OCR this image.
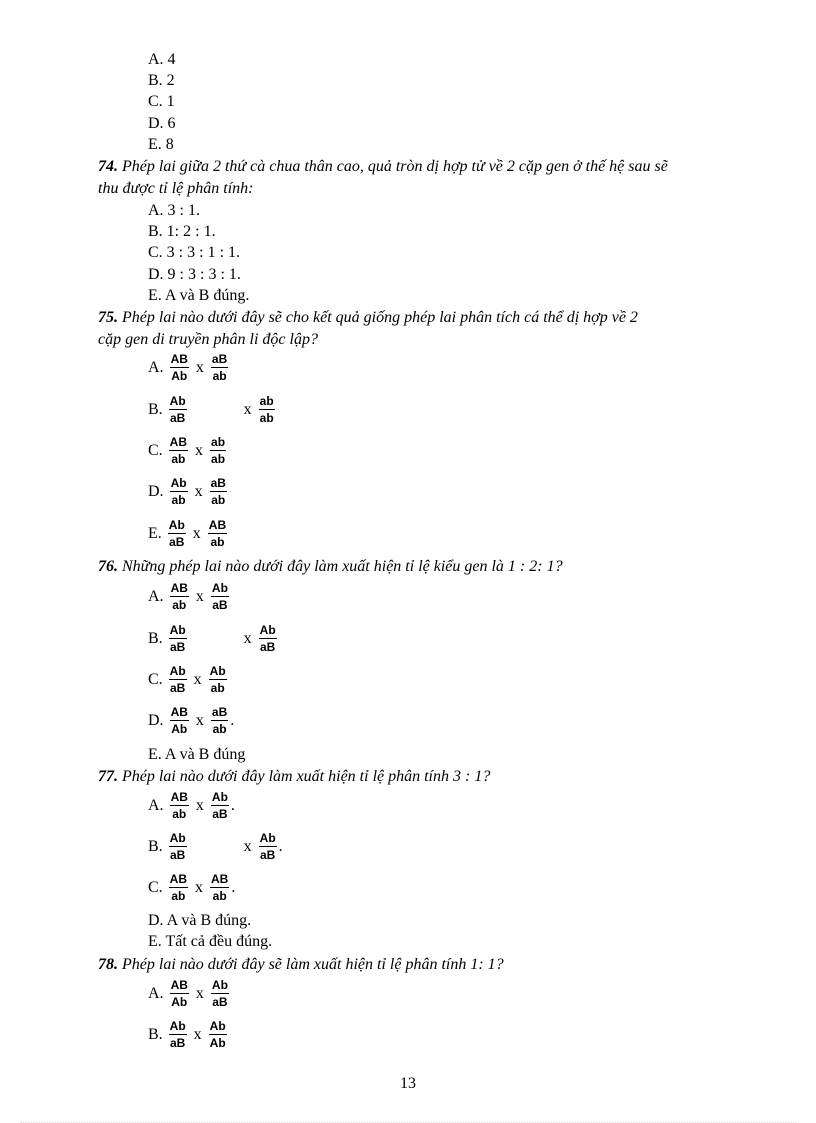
A. 4
B. 2
C. 1
D. 6
E. 8
74. Phép lai giữa 2 thứ cà chua thân cao, quả tròn dị hợp tử về 2 cặp gen ở thế hệ sau sẽ
thu được tỉ lệ phân tính:
A. 3 : 1.
B. 1: 2 : 1.
C. 3 : 3 : 1 : 1.
D. 9 : 3 : 3 : 1.
E. A và B đúng.
75. Phép lai nào dưới đây sẽ cho kết quả giống phép lai phân tích cá thể dị hợp về 2
cặp gen di truyền phân li độc lập?
A. $\frac{AB}{Ab}$ x $\frac{aB}{ab}$
B. $\frac{Ab}{aB}$	x $\frac{ab}{ab}$
C. $\frac{AB}{ab}$ x $\frac{ab}{ab}$
D. $\frac{Ab}{ab}$ x $\frac{aB}{ab}$
E. $\frac{Ab}{aB}$ x $\frac{AB}{ab}$
76. Những phép lai nào dưới đây làm xuất hiện tỉ lệ kiểu gen là 1 : 2: 1?
A. $\frac{AB}{ab}$ x $\frac{Ab}{aB}$
B. $\frac{Ab}{aB}$	x $\frac{Ab}{aB}$
C. $\frac{Ab}{aB}$ x $\frac{Ab}{ab}$
D. $\frac{AB}{Ab}$ x $\frac{aB}{ab}$ .
E. A và B đúng
77. Phép lai nào dưới đây làm xuất hiện tỉ lệ phân tính 3 : 1?
A. $\frac{AB}{ab}$ x $\frac{Ab}{aB}$ .
B. $\frac{Ab}{aB}$	x $\frac{Ab}{aB}$ .
C. $\frac{AB}{ab}$ x $\frac{AB}{ab}$ .
D. A và B đúng.
E. Tất cả đều đúng.
78. Phép lai nào dưới đây sẽ làm xuất hiện tỉ lệ phân tính 1: 1?
A. $\frac{AB}{Ab}$ x $\frac{Ab}{aB}$
B. $\frac{Ab}{aB}$ x $\frac{Ab}{Ab}$
13
